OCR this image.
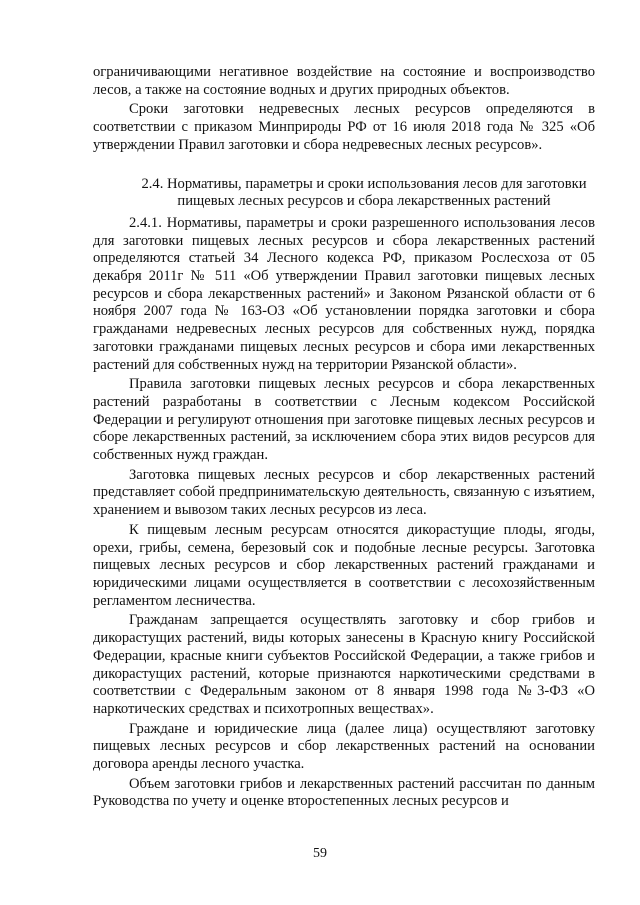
ограничивающими негативное воздействие на состояние и воспроизводство лесов, а также на состояние водных и других природных объектов.

Сроки заготовки недревесных лесных ресурсов определяются в соответствии с приказом Минприроды РФ от 16 июля 2018 года № 325 «Об утверждении Правил заготовки и сбора недревесных лесных ресурсов».

2.4. Нормативы, параметры и сроки использования лесов для заготовки пищевых лесных ресурсов и сбора лекарственных растений

2.4.1. Нормативы, параметры и сроки разрешенного использования лесов для заготовки пищевых лесных ресурсов и сбора лекарственных растений определяются статьей 34 Лесного кодекса РФ, приказом Рослесхоза от 05 декабря 2011г № 511 «Об утверждении Правил заготовки пищевых лесных ресурсов и сбора лекарственных растений» и Законом Рязанской области от 6 ноября 2007 года № 163-ОЗ «Об установлении порядка заготовки и сбора гражданами недревесных лесных ресурсов для собственных нужд, порядка заготовки гражданами пищевых лесных ресурсов и сбора ими лекарственных растений для собственных нужд на территории Рязанской области».

Правила заготовки пищевых лесных ресурсов и сбора лекарственных растений разработаны в соответствии с Лесным кодексом Российской Федерации и регулируют отношения при заготовке пищевых лесных ресурсов и сборе лекарственных растений, за исключением сбора этих видов ресурсов для собственных нужд граждан.

Заготовка пищевых лесных ресурсов и сбор лекарственных растений представляет собой предпринимательскую деятельность, связанную с изъятием, хранением и вывозом таких лесных ресурсов из леса.

К пищевым лесным ресурсам относятся дикорастущие плоды, ягоды, орехи, грибы, семена, березовый сок и подобные лесные ресурсы. Заготовка пищевых лесных ресурсов и сбор лекарственных растений гражданами и юридическими лицами осуществляется в соответствии с лесохозяйственным регламентом лесничества.

Гражданам запрещается осуществлять заготовку и сбор грибов и дикорастущих растений, виды которых занесены в Красную книгу Российской Федерации, красные книги субъектов Российской Федерации, а также грибов и дикорастущих растений, которые признаются наркотическими средствами в соответствии с Федеральным законом от 8 января 1998 года №3-ФЗ «О наркотических средствах и психотропных веществах».

Граждане и юридические лица (далее лица) осуществляют заготовку пищевых лесных ресурсов и сбор лекарственных растений на основании договора аренды лесного участка.

Объем заготовки грибов и лекарственных растений рассчитан по данным Руководства по учету и оценке второстепенных лесных ресурсов и

59
